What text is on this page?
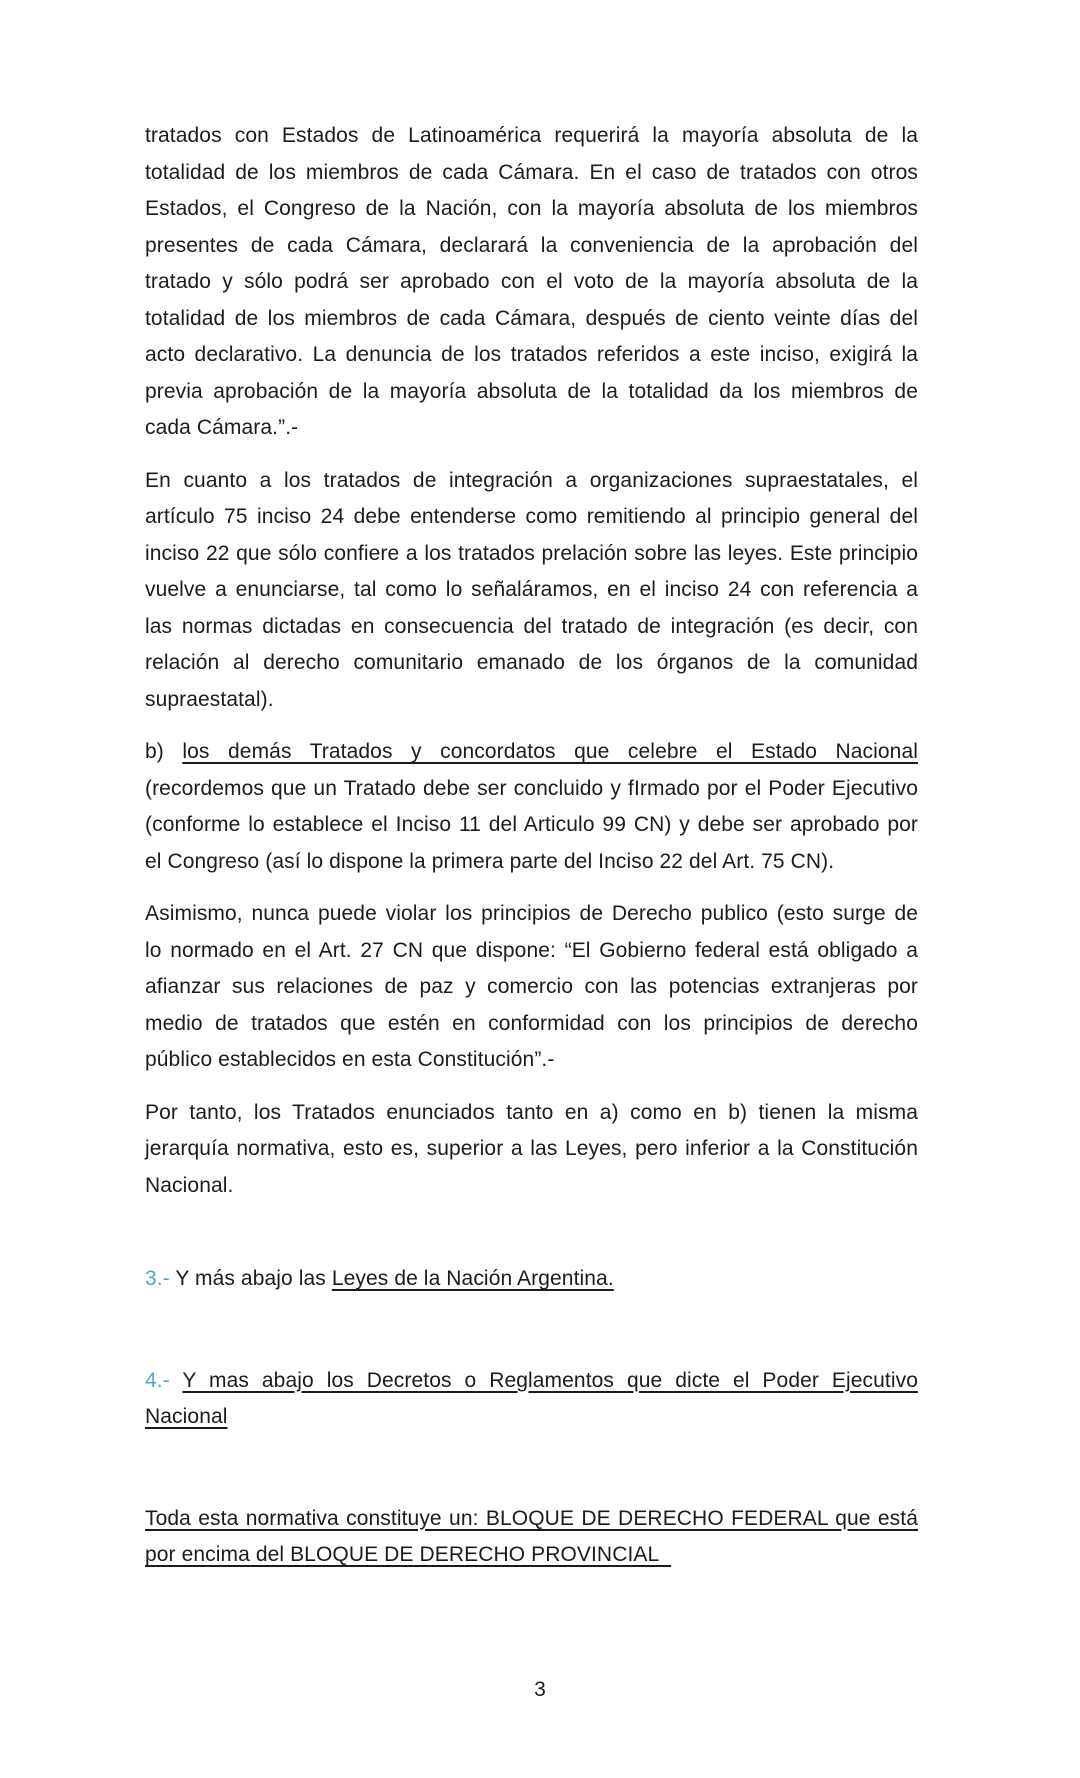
tratados con Estados de Latinoamérica requerirá la mayoría absoluta de la
totalidad de los miembros de cada Cámara. En el caso de tratados con otros
Estados, el Congreso de la Nación, con la mayoría absoluta de los miembros
presentes de cada Cámara, declarará la conveniencia de la aprobación del
tratado y sólo podrá ser aprobado con el voto de la mayoría absoluta de la
totalidad de los miembros de cada Cámara, después de ciento veinte días del
acto declarativo. La denuncia de los tratados referidos a este inciso, exigirá la
previa aprobación de la mayoría absoluta de la totalidad da los miembros de
cada Cámara.”.-
En cuanto a los tratados de integración a organizaciones supraestatales, el
artículo 75 inciso 24 debe entenderse como remitiendo al principio general del
inciso 22 que sólo confiere a los tratados prelación sobre las leyes. Este principio
vuelve a enunciarse, tal como lo señaláramos, en el inciso 24 con referencia a
las normas dictadas en consecuencia del tratado de integración (es decir, con
relación al derecho comunitario emanado de los órganos de la comunidad
supraestatal).
b) los demás Tratados y concordatos que celebre el Estado Nacional
(recordemos que un Tratado debe ser concluido y fIrmado por el Poder Ejecutivo
(conforme lo establece el Inciso 11 del Articulo 99 CN) y debe ser aprobado por
el Congreso (así lo dispone la primera parte del Inciso 22 del Art. 75 CN).
Asimismo, nunca puede violar los principios de Derecho publico (esto surge de
lo normado en el Art. 27 CN que dispone: “El Gobierno federal está obligado a
afianzar sus relaciones de paz y comercio con las potencias extranjeras por
medio de tratados que estén en conformidad con los principios de derecho
público establecidos en esta Constitución”.-
Por tanto, los Tratados enunciados tanto en a) como en b) tienen la misma
jerarquía normativa, esto es, superior a las Leyes, pero inferior a la Constitución
Nacional.
3.- Y más abajo las Leyes de la Nación Argentina.
4.- Y mas abajo los Decretos o Reglamentos que dicte el Poder Ejecutivo
Nacional
Toda esta normativa constituye un: BLOQUE DE DERECHO FEDERAL que está
por encima del BLOQUE DE DERECHO PROVINCIAL
3
